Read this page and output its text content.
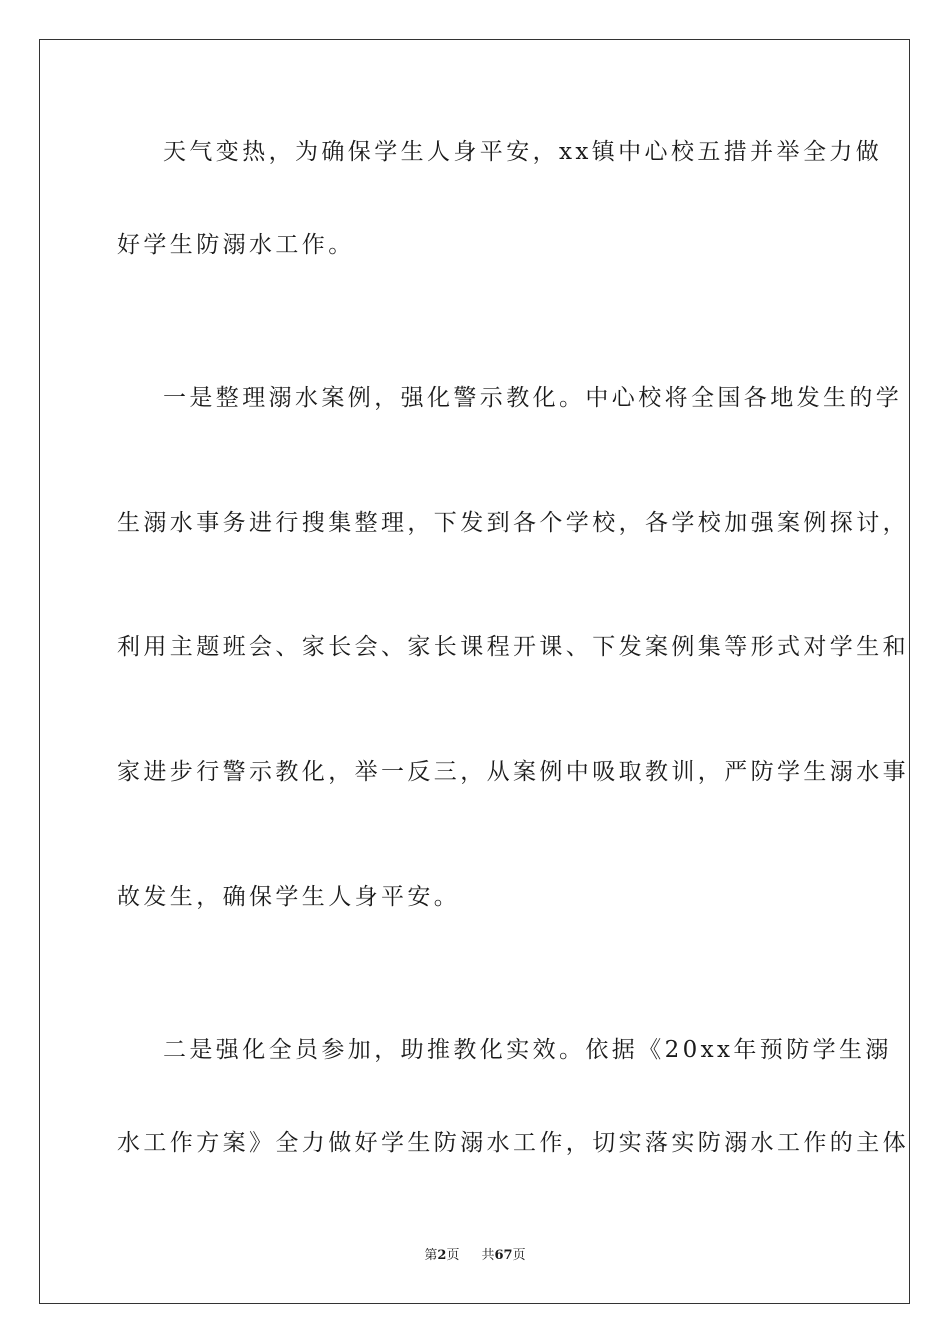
天气变热，为确保学生人身平安，xx镇中心校五措并举全力做
好学生防溺水工作。
一是整理溺水案例，强化警示教化。中心校将全国各地发生的学
生溺水事务进行搜集整理，下发到各个学校，各学校加强案例探讨，
利用主题班会、家长会、家长课程开课、下发案例集等形式对学生和
家进步行警示教化，举一反三，从案例中吸取教训，严防学生溺水事
故发生，确保学生人身平安。
二是强化全员参加，助推教化实效。依据《20xx年预防学生溺
水工作方案》全力做好学生防溺水工作，切实落实防溺水工作的主体
第2页 共67页
